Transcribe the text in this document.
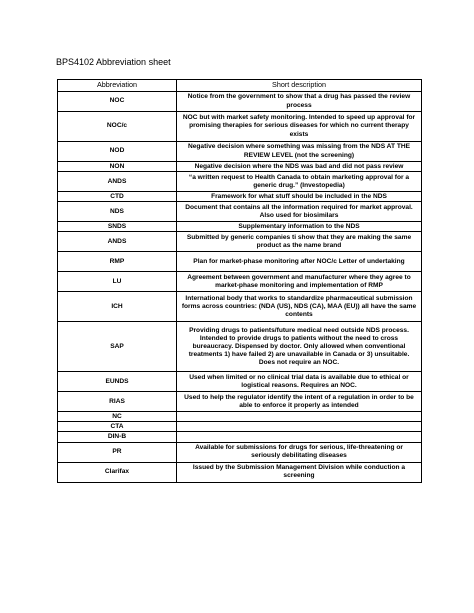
BPS4102 Abbreviation sheet
Abbreviation	Short description
NOC	Notice from the government to show that a drug has passed the review process
NOC/c	NOC but with market safety monitoring. Intended to speed up approval for promising therapies for serious diseases for which no current therapy exists
NOD	Negative decision where something was missing from the NDS AT THE REVIEW LEVEL (not the screening)
NON	Negative decision where the NDS was bad and did not pass review
ANDS	“a written request to Health Canada to obtain marketing approval for a generic drug.” (Investopedia)
CTD	Framework for what stuff should be included in the NDS
NDS	Document that contains all the information required for market approval. Also used for biosimilars
SNDS	Supplementary information to the NDS
ANDS	Submitted by generic companies ti show that they are making the same product as the name brand
RMP	Plan for market-phase monitoring after NOC/c Letter of undertaking
LU	Agreement between government and manufacturer where they agree to market-phase monitoring and implementation of RMP
ICH	International body that works to standardize pharmaceutical submission forms across countries: (NDA (US), NDS (CA), MAA (EU)) all have the same contents
SAP	Providing drugs to patients/future medical need outside NDS process. Intended to provide drugs to patients without the need to cross bureaucracy. Dispensed by doctor. Only allowed when conventional treatments 1) have failed 2) are unavailable in Canada or 3) unsuitable. Does not require an NOC.
EUNDS	Used when limited or no clinical trial data is available due to ethical or logistical reasons. Requires an NOC.
RIAS	Used to help the regulator identify the intent of a regulation in order to be able to enforce it properly as intended
NC	
CTA	
DIN-B	
PR	Available for submissions for drugs for serious, life-threatening or seriously debilitating diseases
Clarifax	Issued by the Submission Management Division while conduction a screening
